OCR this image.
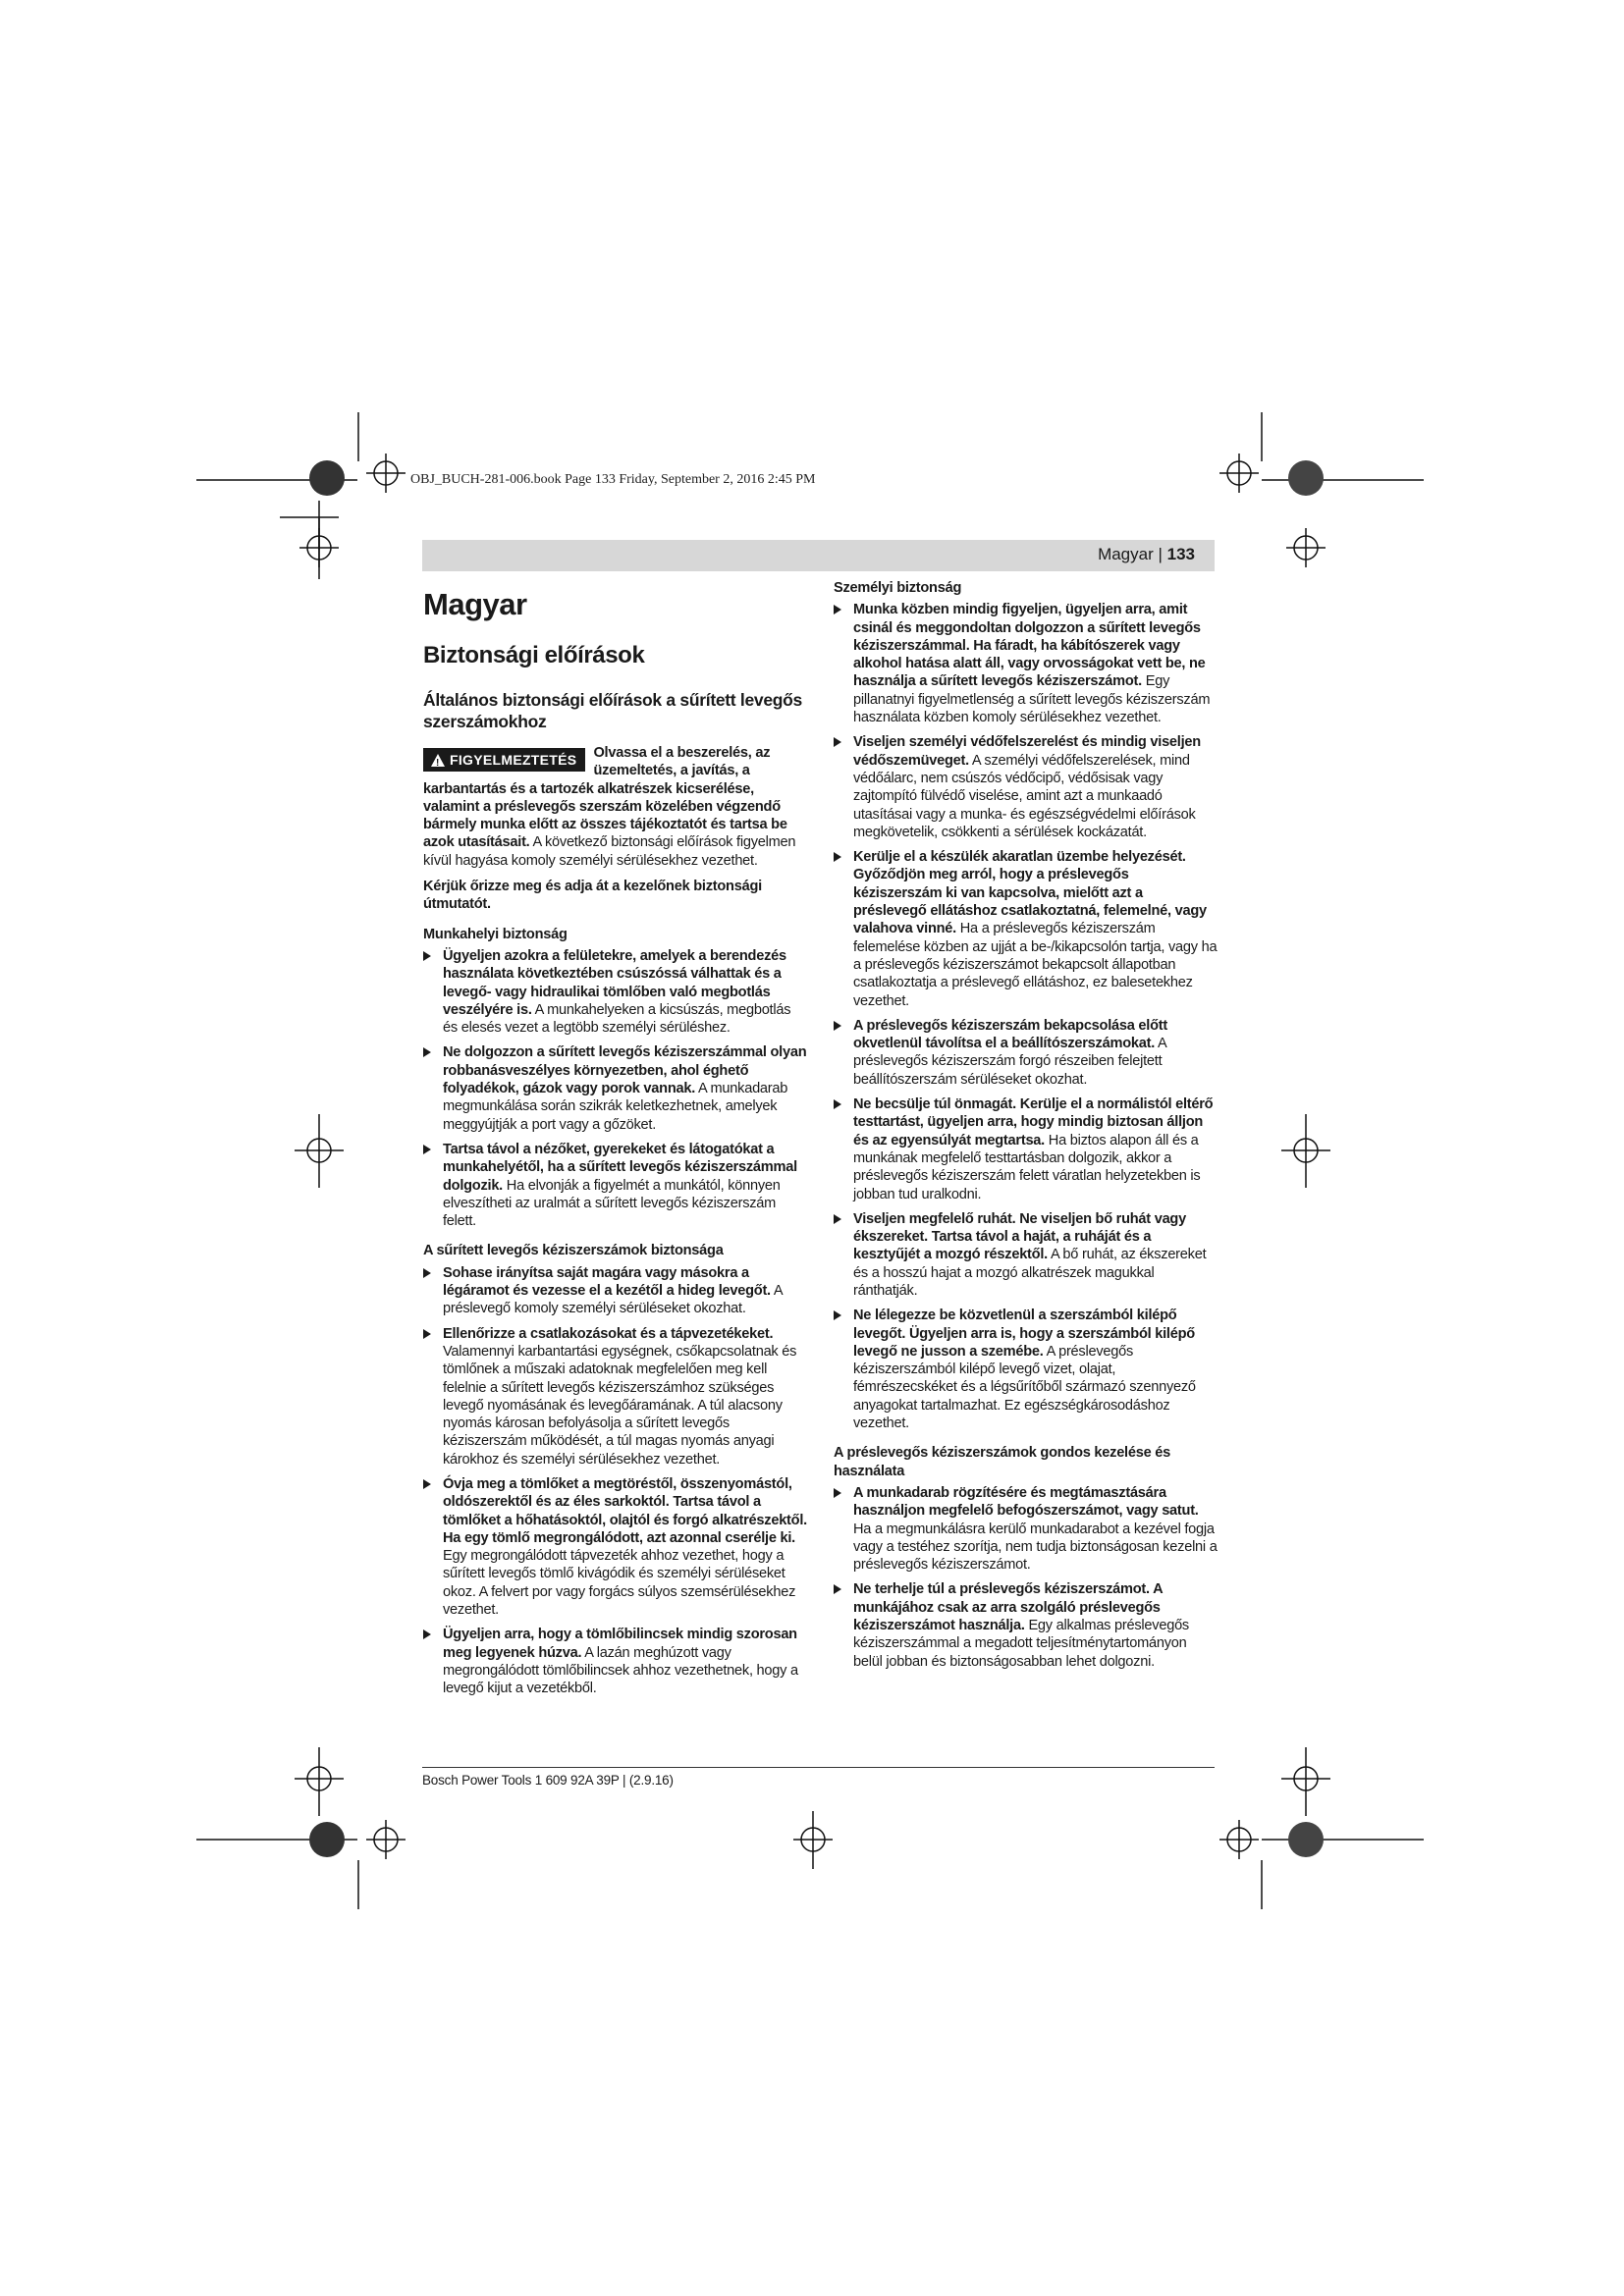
OBJ_BUCH-281-006.book Page 133 Friday, September 2, 2016 2:45 PM
Magyar | 133
Magyar
Biztonsági előírások
Általános biztonsági előírások a sűrített levegős szerszámokhoz

!FIGYELMEZTETÉS	Olvassa el a beszerelés, az üzemeltetés, a javítás, a karbantartás és a tartozék alkatrészek kicserélése, valamint a préslevegős szerszám közelében végzendő bármely munka előtt az összes tájékoztatót és tartsa be azok utasításait. A következő biztonsági előírások figyelmen kívül hagyása komoly személyi sérülésekhez vezethet.

Kérjük őrizze meg és adja át a kezelőnek biztonsági útmutatót.

Munkahelyi biztonság
Ügyeljen azokra a felületekre, amelyek a berendezés használata következtében csúszóssá válhattak és a levegő- vagy hidraulikai tömlőben való megbotlás veszélyére is. A munkahelyeken a kicsúszás, megbotlás és elesés vezet a legtöbb személyi sérüléshez.
Ne dolgozzon a sűrített levegős kéziszerszámmal olyan robbanásveszélyes környezetben, ahol éghető folyadékok, gázok vagy porok vannak. A munkadarab megmunkálása során szikrák keletkezhetnek, amelyek meggyújtják a port vagy a gőzöket.
Tartsa távol a nézőket, gyerekeket és látogatókat a munkahelyétől, ha a sűrített levegős kéziszerszámmal dolgozik. Ha elvonják a figyelmét a munkától, könnyen elveszítheti az uralmát a sűrített levegős kéziszerszám felett.
A sűrített levegős kéziszerszámok biztonsága
Sohase irányítsa saját magára vagy másokra a légáramot és vezesse el a kezétől a hideg levegőt. A préslevegő komoly személyi sérüléseket okozhat.
Ellenőrizze a csatlakozásokat és a tápvezetékeket. Valamennyi karbantartási egységnek, csőkapcsolatnak és tömlőnek a műszaki adatoknak megfelelően meg kell felelnie a sűrített levegős kéziszerszámhoz szükséges levegő nyomásának és levegőáramának. A túl alacsony nyomás károsan befolyásolja a sűrített levegős kéziszerszám működését, a túl magas nyomás anyagi károkhoz és személyi sérülésekhez vezethet.
Óvja meg a tömlőket a megtöréstől, összenyomástól, oldószerektől és az éles sarkoktól. Tartsa távol a tömlőket a hőhatásoktól, olajtól és forgó alkatrészektől. Ha egy tömlő megrongálódott, azt azonnal cserélje ki. Egy megrongálódott tápvezeték ahhoz vezethet, hogy a sűrített levegős tömlő kivágódik és személyi sérüléseket okoz. A felvert por vagy forgács súlyos szemsérülésekhez vezethet.
Ügyeljen arra, hogy a tömlőbilincsek mindig szorosan meg legyenek húzva. A lazán meghúzott vagy megrongálódott tömlőbilincsek ahhoz vezethetnek, hogy a levegő kijut a vezetékből.
Személyi biztonság
Munka közben mindig figyeljen, ügyeljen arra, amit csinál és meggondoltan dolgozzon a sűrített levegős kéziszerszámmal. Ha fáradt, ha kábítószerek vagy alkohol hatása alatt áll, vagy orvosságokat vett be, ne használja a sűrített levegős kéziszerszámot. Egy pillanatnyi figyelmetlenség a sűrített levegős kéziszerszám használata közben komoly sérülésekhez vezethet.
Viseljen személyi védőfelszerelést és mindig viseljen védőszemüveget. A személyi védőfelszerelések, mind védőálarc, nem csúszós védőcipő, védősisak vagy zajtompító fülvédő viselése, amint azt a munkaadó utasításai vagy a munka- és egészségvédelmi előírások megkövetelik, csökkenti a sérülések kockázatát.
Kerülje el a készülék akaratlan üzembe helyezését. Győződjön meg arról, hogy a préslevegős kéziszerszám ki van kapcsolva, mielőtt azt a préslevegő ellátáshoz csatlakoztatná, felemelné, vagy valahova vinné. Ha a préslevegős kéziszerszám felemelése közben az ujját a be-/kikapcsolón tartja, vagy ha a préslevegős kéziszerszámot bekapcsolt állapotban csatlakoztatja a préslevegő ellátáshoz, ez balesetekhez vezethet.
A préslevegős kéziszerszám bekapcsolása előtt okvetlenül távolítsa el a beállítószerszámokat. A préslevegős kéziszerszám forgó részeiben felejtett beállítószerszám sérüléseket okozhat.
Ne becsülje túl önmagát. Kerülje el a normálistól eltérő testtartást, ügyeljen arra, hogy mindig biztosan álljon és az egyensúlyát megtartsa. Ha biztos alapon áll és a munkának megfelelő testtartásban dolgozik, akkor a préslevegős kéziszerszám felett váratlan helyzetekben is jobban tud uralkodni.
Viseljen megfelelő ruhát. Ne viseljen bő ruhát vagy ékszereket. Tartsa távol a haját, a ruháját és a kesztyűjét a mozgó részektől. A bő ruhát, az ékszereket és a hosszú hajat a mozgó alkatrészek magukkal ránthatják.
Ne lélegezze be közvetlenül a szerszámból kilépő levegőt. Ügyeljen arra is, hogy a szerszámból kilépő levegő ne jusson a szemébe. A préslevegős kéziszerszámból kilépő levegő vizet, olajat, fémrészecskéket és a légsűrítőből származó szennyező anyagokat tartalmazhat. Ez egészségkárosodáshoz vezethet.
A préslevegős kéziszerszámok gondos kezelése és használata
A munkadarab rögzítésére és megtámasztására használjon megfelelő befogószerszámot, vagy satut. Ha a megmunkálásra kerülő munkadarabot a kezével fogja vagy a testéhez szorítja, nem tudja biztonságosan kezelni a préslevegős kéziszerszámot.
Ne terhelje túl a préslevegős kéziszerszámot. A munkájához csak az arra szolgáló préslevegős kéziszerszámot használja. Egy alkalmas préslevegős kéziszerszámmal a megadott teljesítménytartományon belül jobban és biztonságosabban lehet dolgozni.
Bosch Power Tools 1 609 92A 39P | (2.9.16)
